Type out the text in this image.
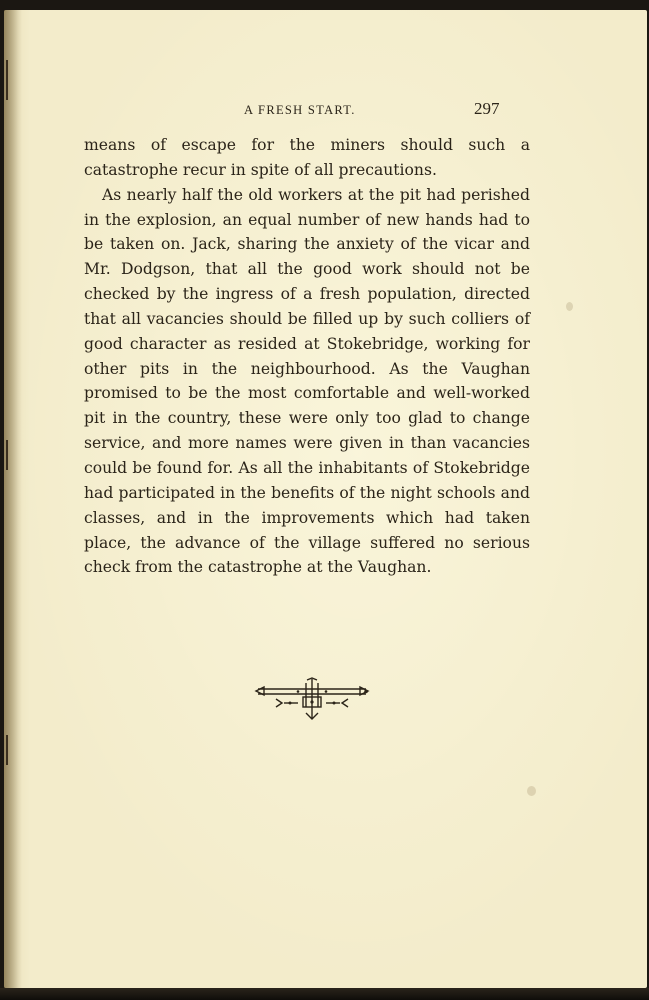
A FRESH START.	297

means of escape for the miners should such a catastrophe recur in spite of all precautions.

As nearly half the old workers at the pit had perished in the explosion, an equal number of new hands had to be taken on. Jack, sharing the anxiety of the vicar and Mr. Dodgson, that all the good work should not be checked by the ingress of a fresh population, directed that all vacancies should be filled up by such colliers of good character as resided at Stokebridge, working for other pits in the neighbourhood. As the Vaughan promised to be the most comfortable and well-worked pit in the country, these were only too glad to change service, and more names were given in than vacancies could be found for. As all the inhabitants of Stokebridge had participated in the benefits of the night schools and classes, and in the improvements which had taken place, the advance of the village suffered no serious check from the catastrophe at the Vaughan.
